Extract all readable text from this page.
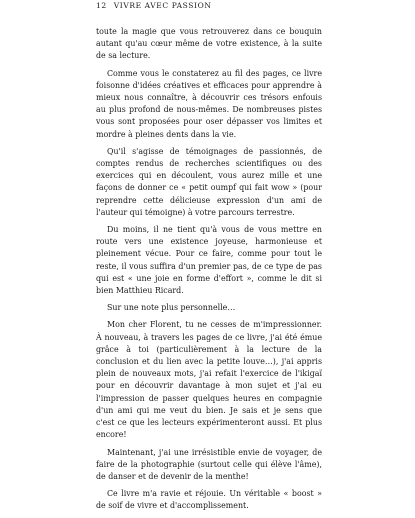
12 VIVRE AVEC PASSION

toute la magie que vous retrouverez dans ce bouquin autant qu'au cœur même de votre existence, à la suite de sa lecture.

Comme vous le constaterez au fil des pages, ce livre foisonne d'idées créatives et efficaces pour apprendre à mieux nous connaître, à découvrir ces trésors enfouis au plus profond de nous-mêmes. De nombreuses pistes vous sont proposées pour oser dépasser vos limites et mordre à pleines dents dans la vie.

Qu'il s'agisse de témoignages de passionnés, de comptes rendus de recherches scientifiques ou des exercices qui en découlent, vous aurez mille et une façons de donner ce « petit oumpf qui fait wow » (pour reprendre cette délicieuse expression d'un ami de l'auteur qui témoigne) à votre parcours terrestre.

Du moins, il ne tient qu'à vous de vous mettre en route vers une existence joyeuse, harmonieuse et pleinement vécue. Pour ce faire, comme pour tout le reste, il vous suffira d'un premier pas, de ce type de pas qui est « une joie en forme d'effort », comme le dit si bien Matthieu Ricard.

Sur une note plus personnelle…

Mon cher Florent, tu ne cesses de m'impressionner. À nouveau, à travers les pages de ce livre, j'ai été émue grâce à toi (particulièrement à la lecture de la conclusion et du lien avec la petite louve…), j'ai appris plein de nouveaux mots, j'ai refait l'exercice de l'ikigaï pour en découvrir davantage à mon sujet et j'ai eu l'impression de passer quelques heures en compagnie d'un ami qui me veut du bien. Je sais et je sens que c'est ce que les lecteurs expérimenteront aussi. Et plus encore!

Maintenant, j'ai une irrésistible envie de voyager, de faire de la photographie (surtout celle qui élève l'âme), de danser et de devenir de la menthe!

Ce livre m'a ravie et réjouie. Un véritable « boost » de soif de vivre et d'accomplissement.
